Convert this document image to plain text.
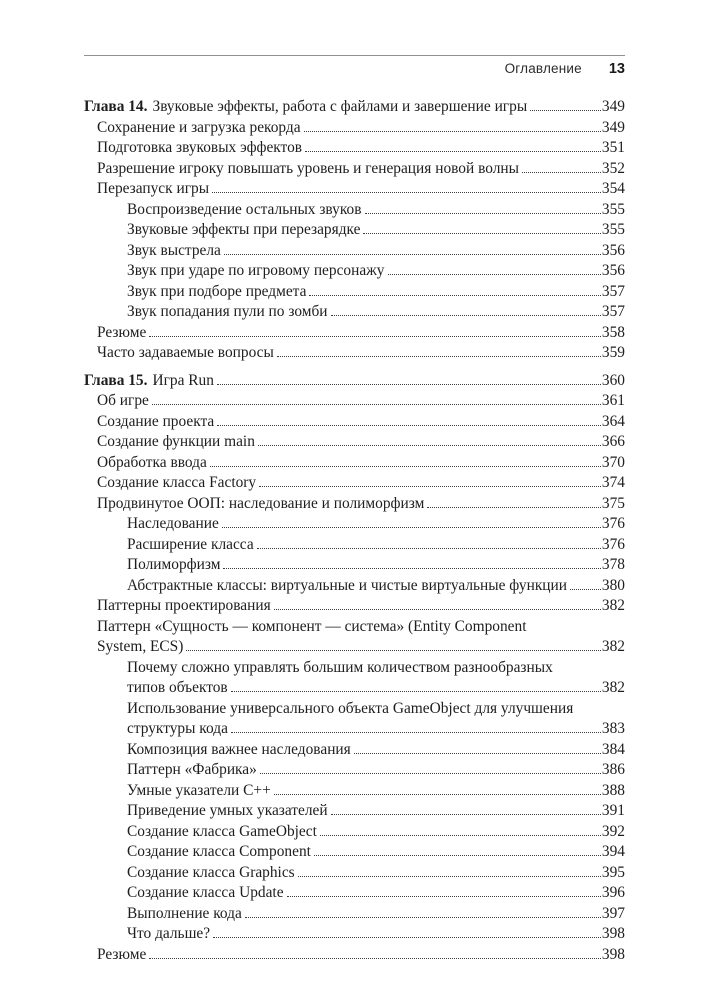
Оглавление 13
Глава 14. Звуковые эффекты, работа с файлами и завершение игры	349
Сохранение и загрузка рекорда	349
Подготовка звуковых эффектов	351
Разрешение игроку повышать уровень и генерация новой волны	352
Перезапуск игры	354
Воспроизведение остальных звуков	355
Звуковые эффекты при перезарядке	355
Звук выстрела	356
Звук при ударе по игровому персонажу	356
Звук при подборе предмета	357
Звук попадания пули по зомби	357
Резюме	358
Часто задаваемые вопросы	359
Глава 15. Игра Run	360
Об игре	361
Создание проекта	364
Создание функции main	366
Обработка ввода	370
Создание класса Factory	374
Продвинутое ООП: наследование и полиморфизм	375
Наследование	376
Расширение класса	376
Полиморфизм	378
Абстрактные классы: виртуальные и чистые виртуальные функции 380
Паттерны проектирования	382
Паттерн «Сущность — компонент — система» (Entity Component
System, ECS)	382
Почему сложно управлять большим количеством разнообразных
типов объектов	382
Использование универсального объекта GameObject для улучшения
структуры кода	383
Композиция важнее наследования	384
Паттерн «Фабрика»	386
Умные указатели C++	388
Приведение умных указателей	391
Создание класса GameObject	392
Создание класса Component	394
Создание класса Graphics	395
Создание класса Update	396
Выполнение кода	397
Что дальше?	398
Резюме	398
